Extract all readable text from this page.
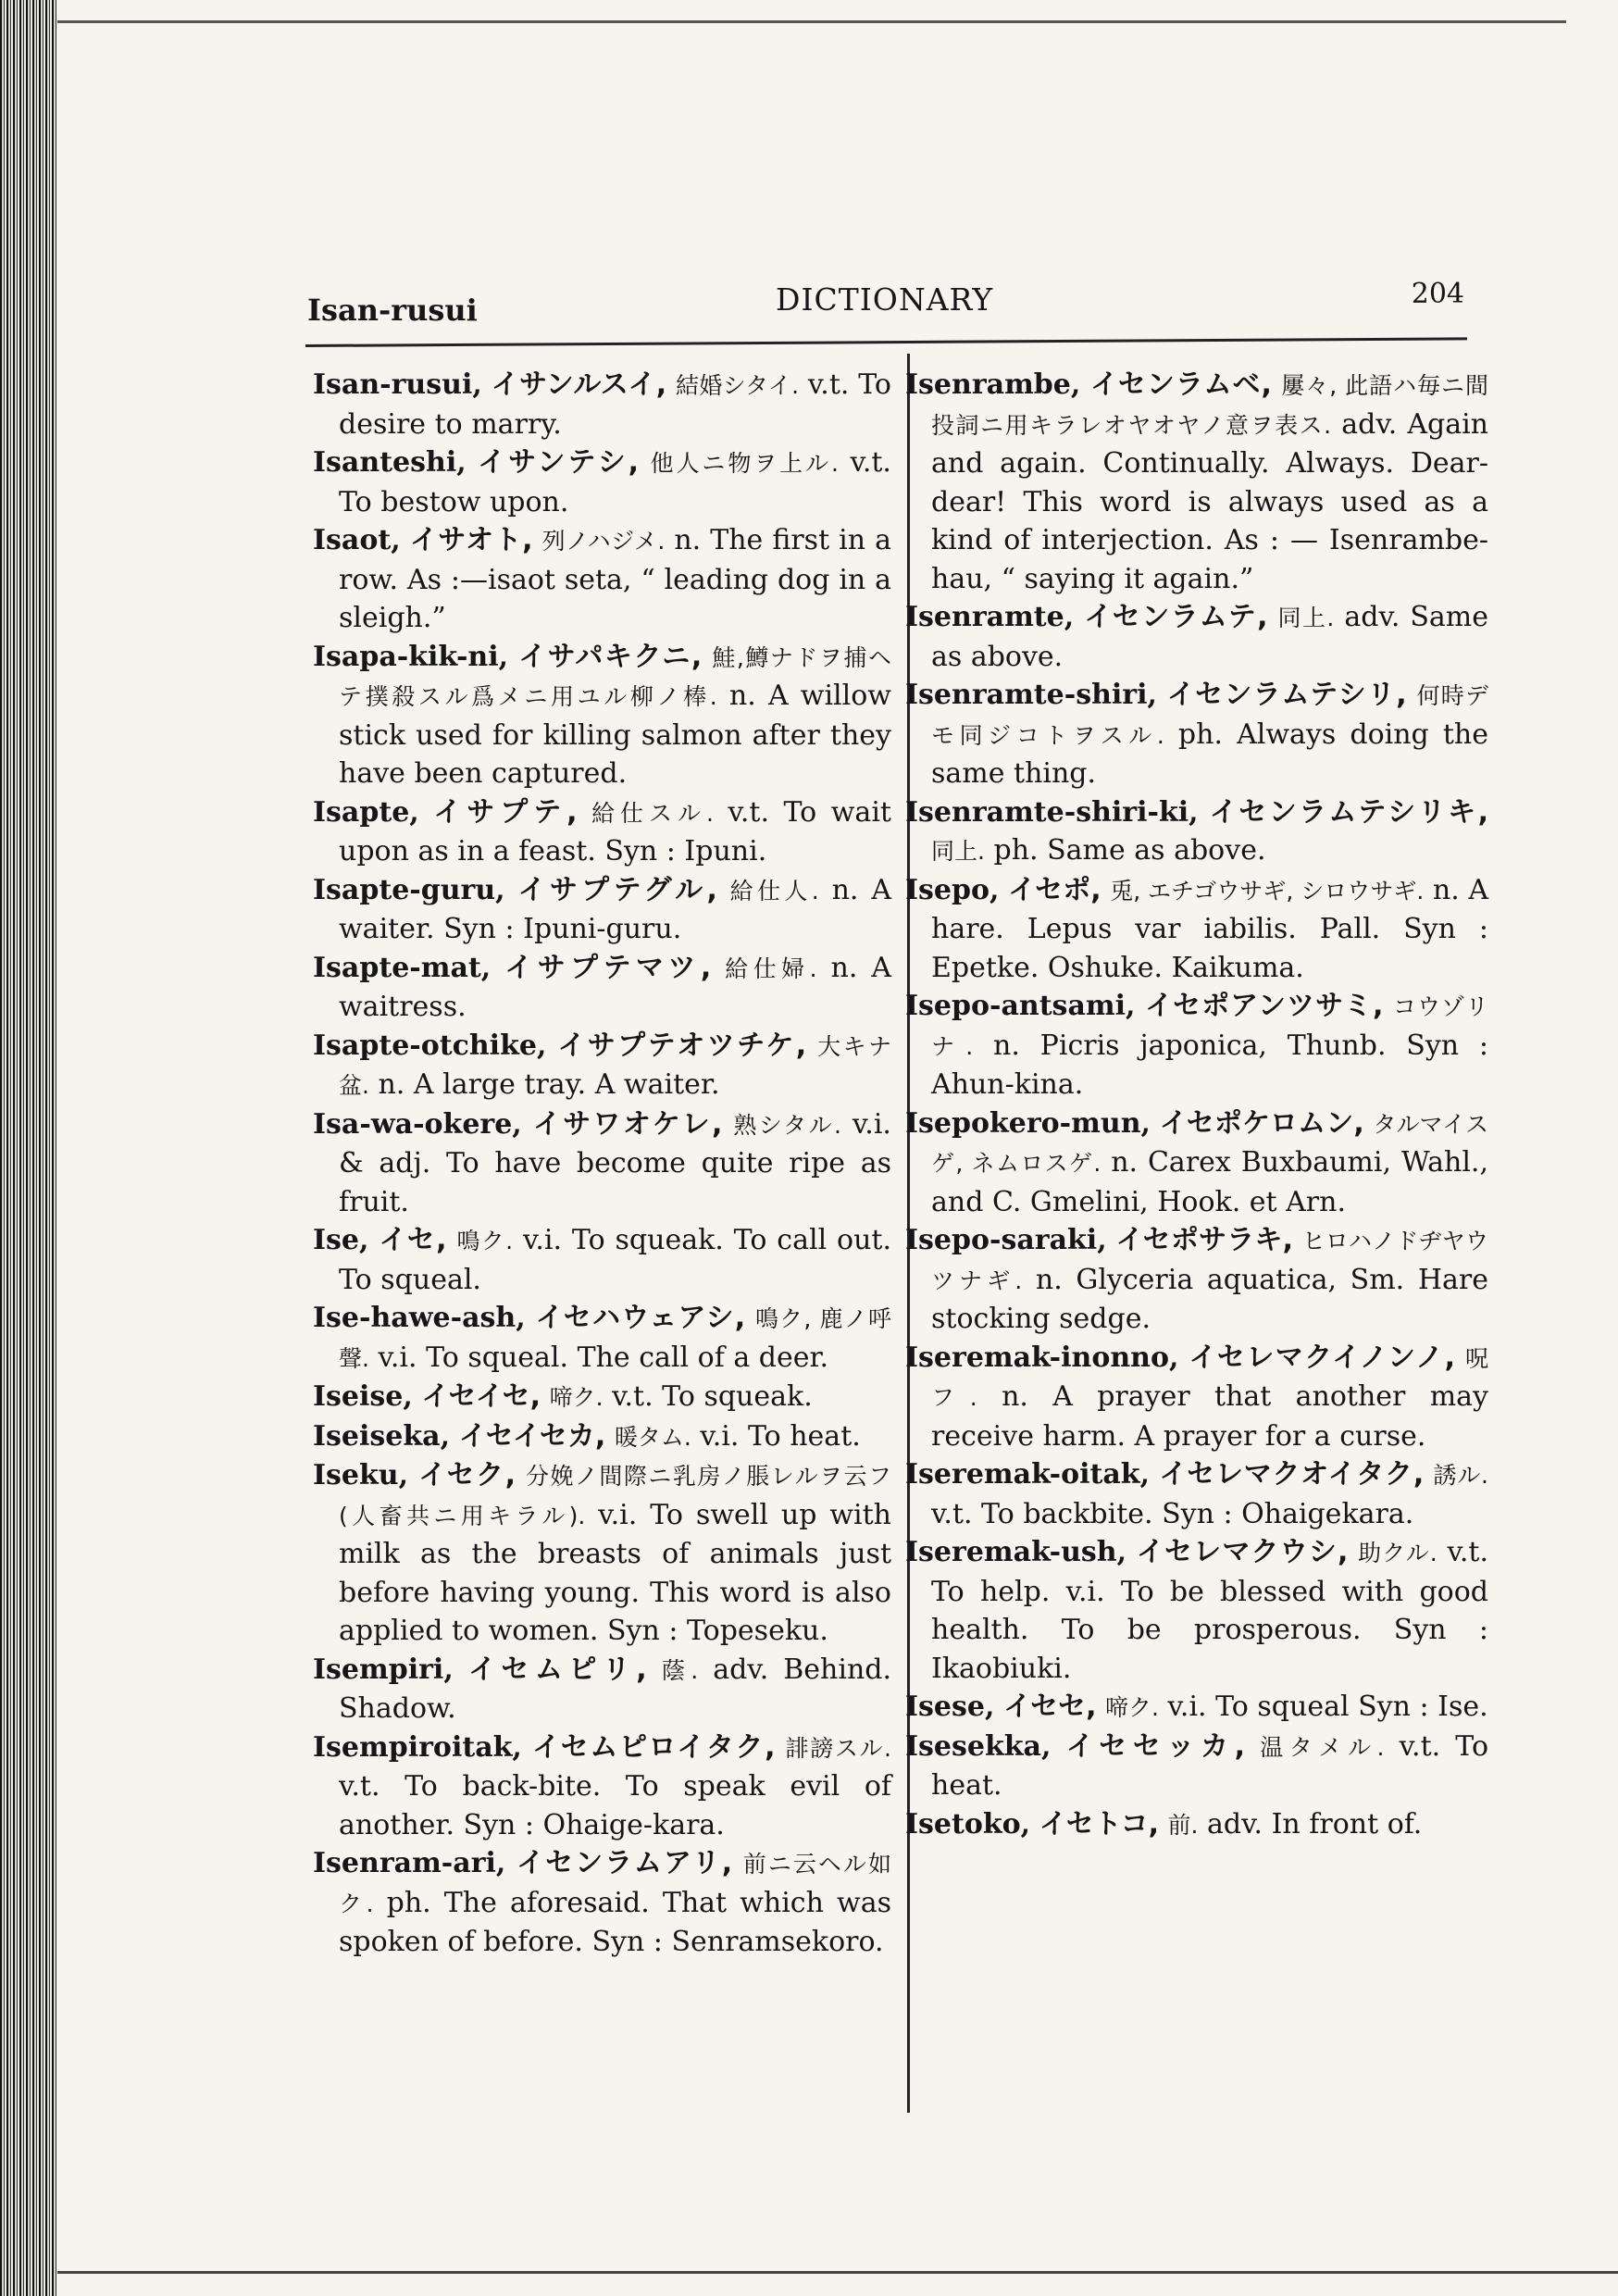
Isan-rusui	DICTIONARY	204

Isan-rusui, イサンルスイ, 結婚シタイ. v.t. To desire to marry.

Isanteshi, イサンテシ, 他人ニ物ヲ上ル. v.t. To bestow upon.

Isaot, イサオト, 列ノハジメ. n. The first in a row. As :—isaot seta, “ leading dog in a sleigh.”

Isapa-kik-ni, イサパキクニ, 鮭,鱒ナドヲ捕ヘテ撲殺スル爲メニ用ユル柳ノ棒. n. A willow stick used for killing salmon after they have been captured.

Isapte, イサプテ, 給仕スル. v.t. To wait upon as in a feast. Syn : Ipuni.

Isapte-guru, イサプテグル, 給仕人. n. A waiter. Syn : Ipuni-guru.

Isapte-mat, イサプテマツ, 給仕婦. n. A waitress.

Isapte-otchike, イサプテオツチケ, 大キナ盆. n. A large tray. A waiter.

Isa-wa-okere, イサワオケレ, 熟シタル. v.i. & adj. To have become quite ripe as fruit.

Ise, イセ, 鳴ク. v.i. To squeak. To call out. To squeal.

Ise-hawe-ash, イセハウェアシ, 鳴ク, 鹿ノ呼聲. v.i. To squeal. The call of a deer.

Iseise, イセイセ, 啼ク. v.t. To squeak.

Iseiseka, イセイセカ, 暖タム. v.i. To heat.

Iseku, イセク, 分娩ノ間際ニ乳房ノ脹レルヲ云フ(人畜共ニ用キラル). v.i. To swell up with milk as the breasts of animals just before having young. This word is also applied to women. Syn : Topeseku.

Isempiri, イセムピリ, 蔭. adv. Behind. Shadow.

Isempiroitak, イセムピロイタク, 誹謗スル. v.t. To back-bite. To speak evil of another. Syn : Ohaige-kara.

Isenram-ari, イセンラムアリ, 前ニ云ヘル如ク. ph. The aforesaid. That which was spoken of before. Syn : Senramsekoro.

Isenrambe, イセンラムベ, 屢々, 此語ハ毎ニ間投詞ニ用キラレオヤオヤノ意ヲ表ス. adv. Again and again. Continually. Always. Dear-dear! This word is always used as a kind of interjection. As : — Isenrambe-hau, “ saying it again.”

Isenramte, イセンラムテ, 同上. adv. Same as above.

Isenramte-shiri, イセンラムテシリ, 何時デモ同ジコトヲスル. ph. Always doing the same thing.

Isenramte-shiri-ki, イセンラムテシリキ, 同上. ph. Same as above.

Isepo, イセポ, 兎, エチゴウサギ, シロウサギ. n. A hare. Lepus var iabilis. Pall. Syn : Epetke. Oshuke. Kaikuma.

Isepo-antsami, イセポアンツサミ, コウゾリナ. n. Picris japonica, Thunb. Syn : Ahun-kina.

Isepokero-mun, イセポケロムン, タルマイスゲ, ネムロスゲ. n. Carex Buxbaumi, Wahl., and C. Gmelini, Hook. et Arn.

Isepo-saraki, イセポサラキ, ヒロハノドヂヤウツナギ. n. Glyceria aquatica, Sm. Hare stocking sedge.

Iseremak-inonno, イセレマクイノンノ, 呪フ. n. A prayer that another may receive harm. A prayer for a curse.

Iseremak-oitak, イセレマクオイタク, 誘ル. v.t. To backbite. Syn : Ohaigekara.

Iseremak-ush, イセレマクウシ, 助クル. v.t. To help. v.i. To be blessed with good health. To be prosperous. Syn : Ikaobiuki.

Isese, イセセ, 啼ク. v.i. To squeal Syn : Ise.

Isesekka, イセセッカ, 温タメル. v.t. To heat.

Isetoko, イセトコ, 前. adv. In front of.
